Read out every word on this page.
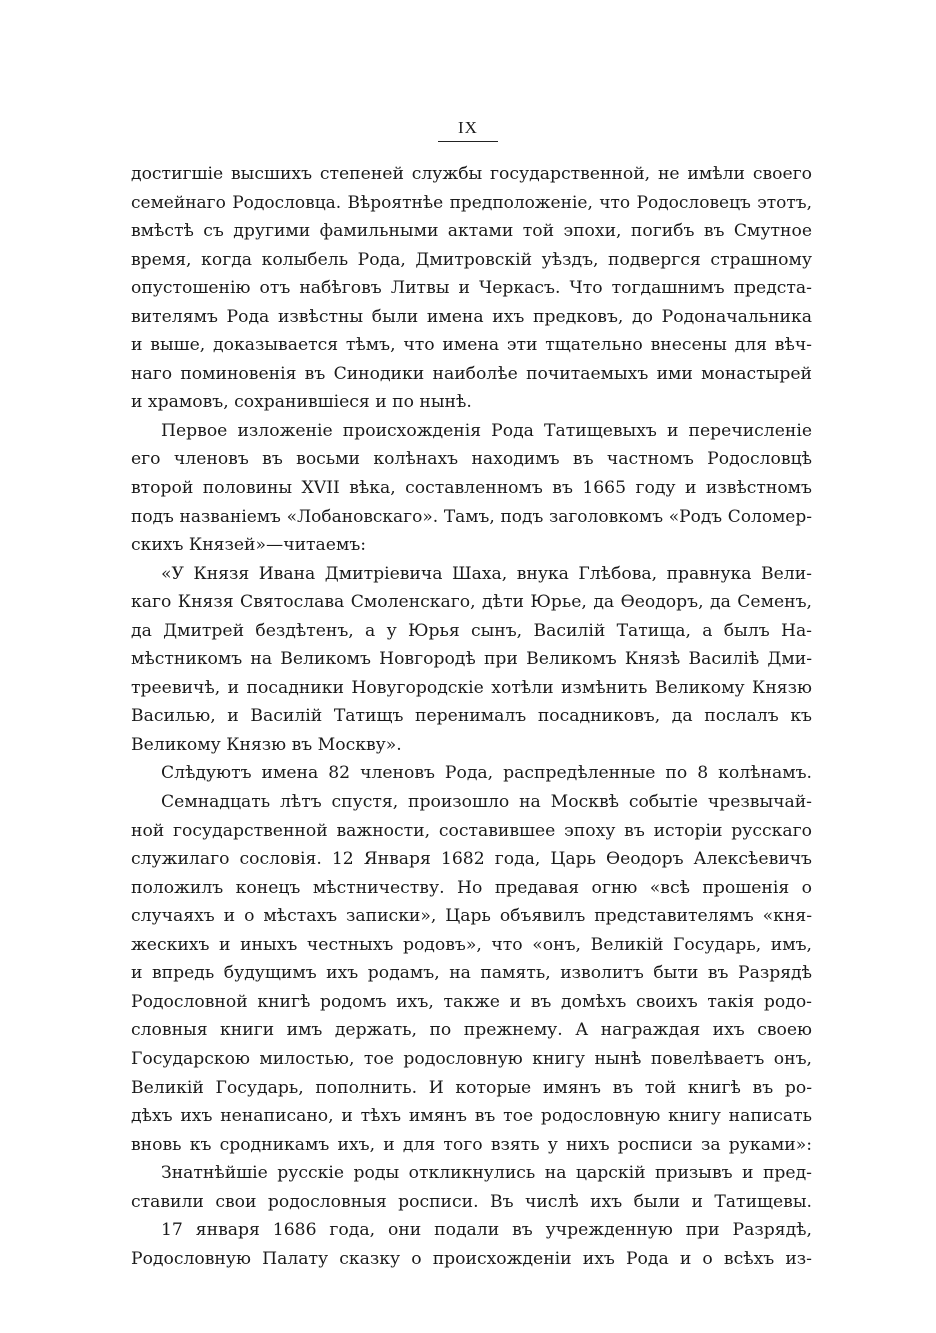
IX
достигшіе высшихъ степеней службы государственной, не имѣли своего
семейнаго Родословца. Вѣроятнѣе предположеніе, что Родословецъ этотъ,
вмѣстѣ съ другими фамильными актами той эпохи, погибъ въ Смутное
время, когда колыбель Рода, Дмитровскій уѣздъ, подвергся страшному
опустошенію отъ набѣговъ Литвы и Черкасъ. Что тогдашнимъ предста-
вителямъ Рода извѣстны были имена ихъ предковъ, до Родоначальника
и выше, доказывается тѣмъ, что имена эти тщательно внесены для вѣч-
наго поминовенія въ Синодики наиболѣе почитаемыхъ ими монастырей
и храмовъ, сохранившіеся и по нынѣ.
Первое изложеніе происхожденія Рода Татищевыхъ и перечисленіе
его членовъ въ восьми колѣнахъ находимъ въ частномъ Родословцѣ
второй половины XVII вѣка, составленномъ въ 1665 году и извѣстномъ
подъ названіемъ «Лобановскаго». Тамъ, подъ заголовкомъ «Родъ Соломер-
скихъ Князей»—читаемъ:
«У Князя Ивана Дмитріевича Шаха, внука Глѣбова, правнука Вели-
каго Князя Святослава Смоленскаго, дѣти Юрье, да Ѳеодоръ, да Семенъ,
да Дмитрей бездѣтенъ, а у Юрья сынъ, Василій Татища, а былъ На-
мѣстникомъ на Великомъ Новгородѣ при Великомъ Князѣ Василіѣ Дми-
треевичѣ, и посадники Новугородскіе хотѣли измѣнить Великому Князю
Василью, и Василій Татищъ перенималъ посадниковъ, да послалъ къ
Великому Князю въ Москву».
Слѣдуютъ имена 82 членовъ Рода, распредѣленные по 8 колѣнамъ.
Семнадцать лѣтъ спустя, произошло на Москвѣ событіе чрезвычай-
ной государственной важности, составившее эпоху въ исторіи русскаго
служилаго сословія. 12 Января 1682 года, Царь Ѳеодоръ Алексѣевичъ
положилъ конецъ мѣстничеству. Но предавая огню «всѣ прошенія о
случаяхъ и о мѣстахъ записки», Царь объявилъ представителямъ «кня-
жескихъ и иныхъ честныхъ родовъ», что «онъ, Великій Государь, имъ,
и впредь будущимъ ихъ родамъ, на память, изволитъ быти въ Разрядѣ
Родословной книгѣ родомъ ихъ, также и въ домѣхъ своихъ такія родо-
словныя книги имъ держать, по прежнему. А награждая ихъ своею
Государскою милостью, тое родословную книгу нынѣ повелѣваетъ онъ,
Великій Государь, пополнить. И которые имянъ въ той книгѣ въ ро-
дѣхъ ихъ ненаписано, и тѣхъ имянъ въ тое родословную книгу написать
вновь къ сродникамъ ихъ, и для того взять у нихъ росписи за руками»:
Знатнѣйшіе русскіе роды откликнулись на царскій призывъ и пред-
ставили свои родословныя росписи. Въ числѣ ихъ были и Татищевы.
17 января 1686 года, они подали въ учрежденную при Разрядѣ,
Родословную Палату сказку о происхожденіи ихъ Рода и о всѣхъ из-
